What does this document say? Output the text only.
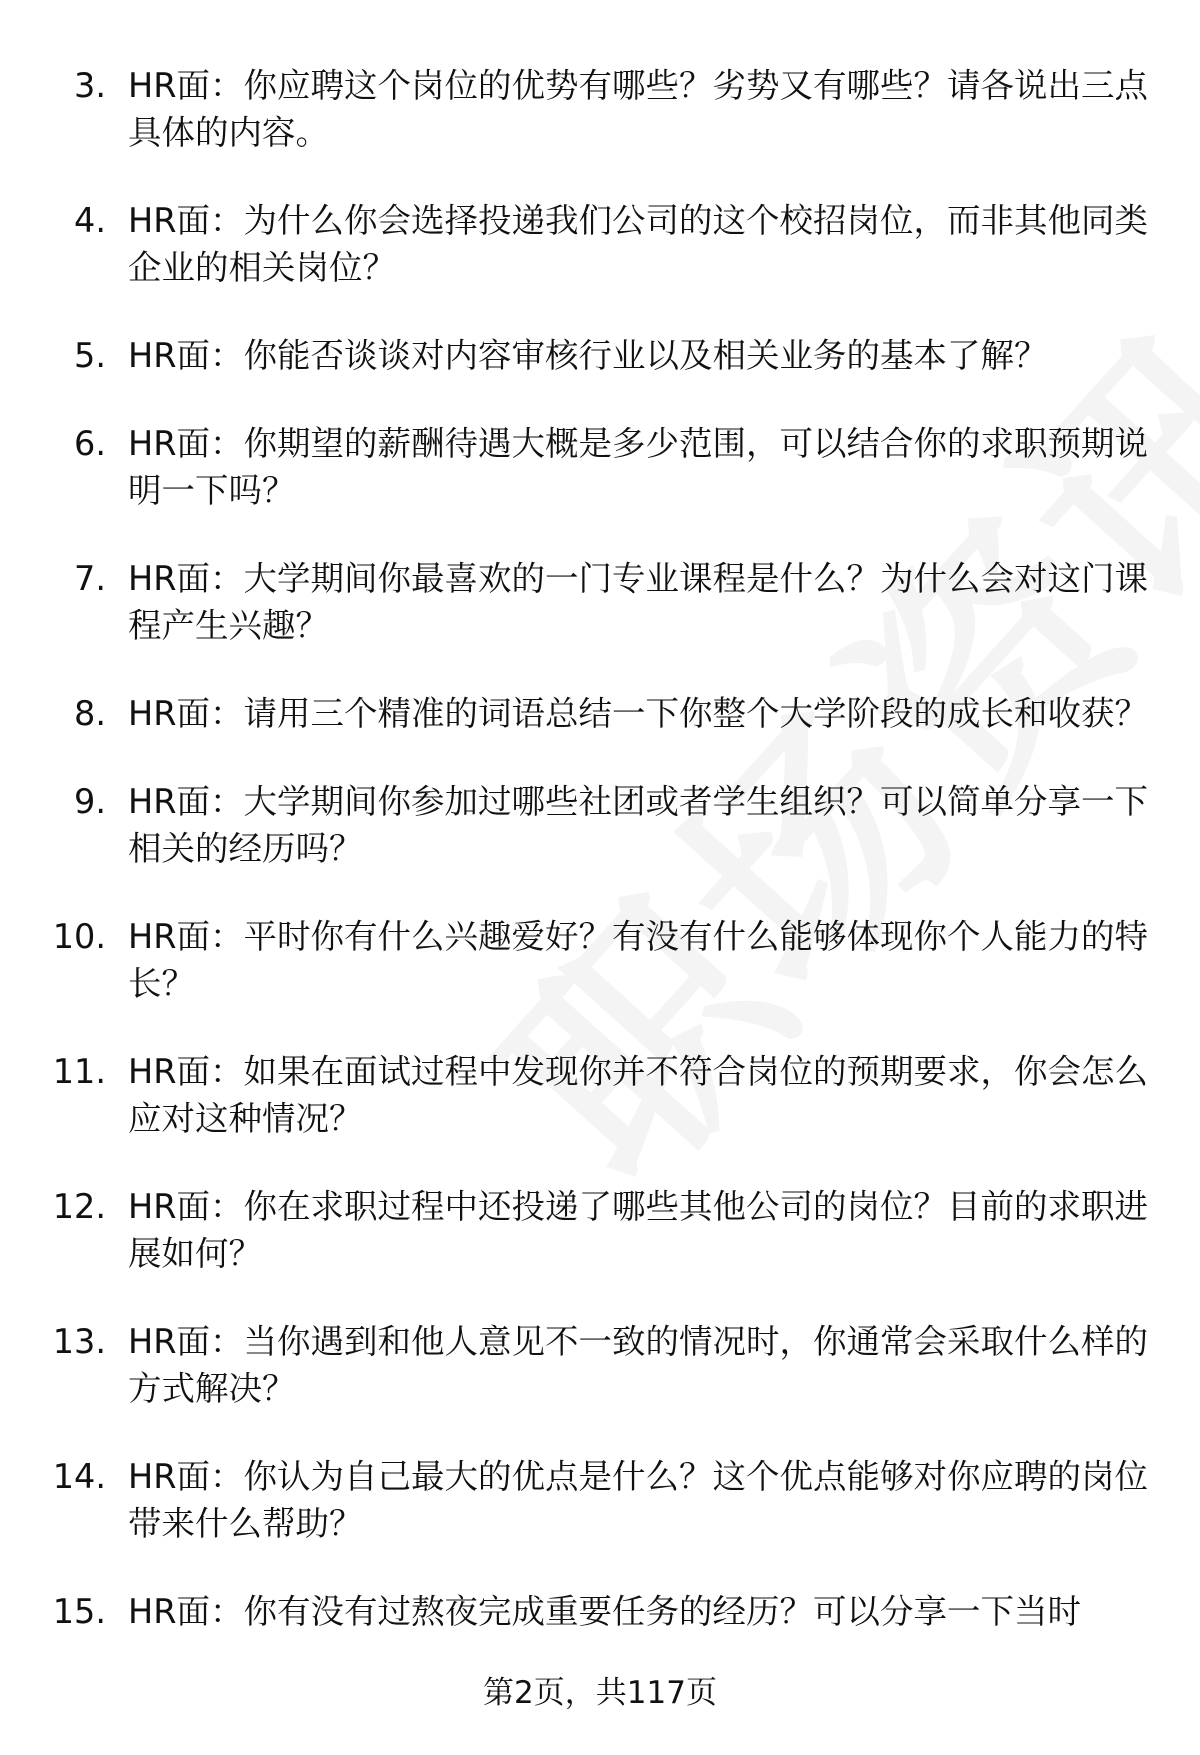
3. HR面：你应聘这个岗位的优势有哪些？劣势又有哪些？请各说出三点具体的内容。
4. HR面：为什么你会选择投递我们公司的这个校招岗位，而非其他同类企业的相关岗位？
5. HR面：你能否谈谈对内容审核行业以及相关业务的基本了解？
6. HR面：你期望的薪酬待遇大概是多少范围，可以结合你的求职预期说明一下吗？
7. HR面：大学期间你最喜欢的一门专业课程是什么？为什么会对这门课程产生兴趣？
8. HR面：请用三个精准的词语总结一下你整个大学阶段的成长和收获？
9. HR面：大学期间你参加过哪些社团或者学生组织？可以简单分享一下相关的经历吗？
10. HR面：平时你有什么兴趣爱好？有没有什么能够体现你个人能力的特长？
11. HR面：如果在面试过程中发现你并不符合岗位的预期要求，你会怎么应对这种情况？
12. HR面：你在求职过程中还投递了哪些其他公司的岗位？目前的求职进展如何？
13. HR面：当你遇到和他人意见不一致的情况时，你通常会采取什么样的方式解决？
14. HR面：你认为自己最大的优点是什么？这个优点能够对你应聘的岗位带来什么帮助？
15. HR面：你有没有过熬夜完成重要任务的经历？可以分享一下当时
第2页，共117页
